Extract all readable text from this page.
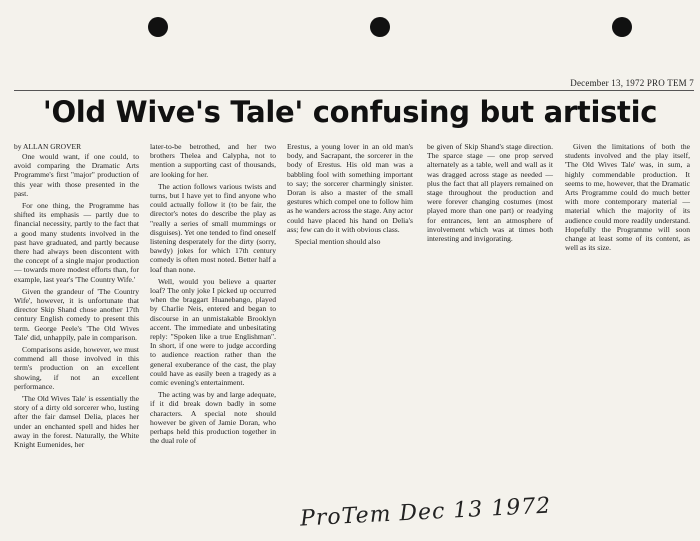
December 13, 1972 PRO TEM 7
'Old Wive's Tale' confusing but artistic
by ALLAN GROVER

One would want, if one could, to avoid comparing the Dramatic Arts Programme's first "major" production of this year with those presented in the past.

For one thing, the Programme has shifted its emphasis — partly due to financial necessity, partly to the fact that a good many students involved in the past have graduated, and partly because there had always been discontent with the concept of a single major production — towards more modest efforts than, for example, last year's 'The Country Wife.'

Given the grandeur of 'The Country Wife', however, it is unfortunate that director Skip Shand chose another 17th century English comedy to present this term. George Peele's 'The Old Wives Tale' did, unhappily, pale in comparison.

Comparisons aside, however, we must commend all those involved in this term's production on an excellent showing, if not an excellent performance.

'The Old Wives Tale' is essentially the story of a dirty old sorcerer who, lusting after the fair damsel Delia, places her under an enchanted spell and hides her away in the forest. Naturally, the White Knight Eumenides, her

later-to-be betrothed, and her two brothers Thelea and Calypha, not to mention a supporting cast of thousands, are looking for her.

The action follows various twists and turns, but I have yet to find anyone who could actually follow it (to be fair, the director's notes do describe the play as "really a series of small mummings or disguises). Yet one tended to find oneself listening desperately for the dirty (sorry, bawdy) jokes for which 17th century comedy is often most noted. Better half a loaf than none.

Well, would you believe a quarter loaf? The only joke I picked up occurred when the braggart Huanebango, played by Charlie Neis, entered and began to discourse in an unmistakable Brooklyn accent. The immediate and unbesitating reply: "Spoken like a true Englishman". In short, if one were to judge according to audience reaction rather than the general exuberance of the cast, the play could have as easily been a tragedy as a comic evening's entertainment.

The acting was by and large adequate, if it did break down badly in some characters. A special note should however be given of Jamie Doran, who perhaps held this production together in the dual role of

Erestus, a young lover in an old man's body, and Sacrapant, the sorcerer in the body of Erestus. His old man was a babbling fool with something important to say; the sorcerer charmingly sinister. Doran is also a master of the small gestures which compel one to follow him as he wanders across the stage. Any actor could have placed his hand on Delia's ass; few can do it with obvious class.

Special mention should also

be given of Skip Shand's stage direction. The sparce stage — one prop served alternately as a table, well and wall as it was dragged across stage as needed — plus the fact that all players remained on stage throughout the production and were forever changing costumes (most played more than one part) or readying for entrances, lent an atmosphere of involvement which was at times both interesting and invigorating.

Given the limitations of both the students involved and the play itself, 'The Old Wives Tale' was, in sum, a highly commendable production. It seems to me, however, that the Dramatic Arts Programme could do much better with more contemporary material — material which the majority of its audience could more readily understand. Hopefully the Programme will soon change at least some of its content, as well as its size.

ProTem Dec 13 1972
